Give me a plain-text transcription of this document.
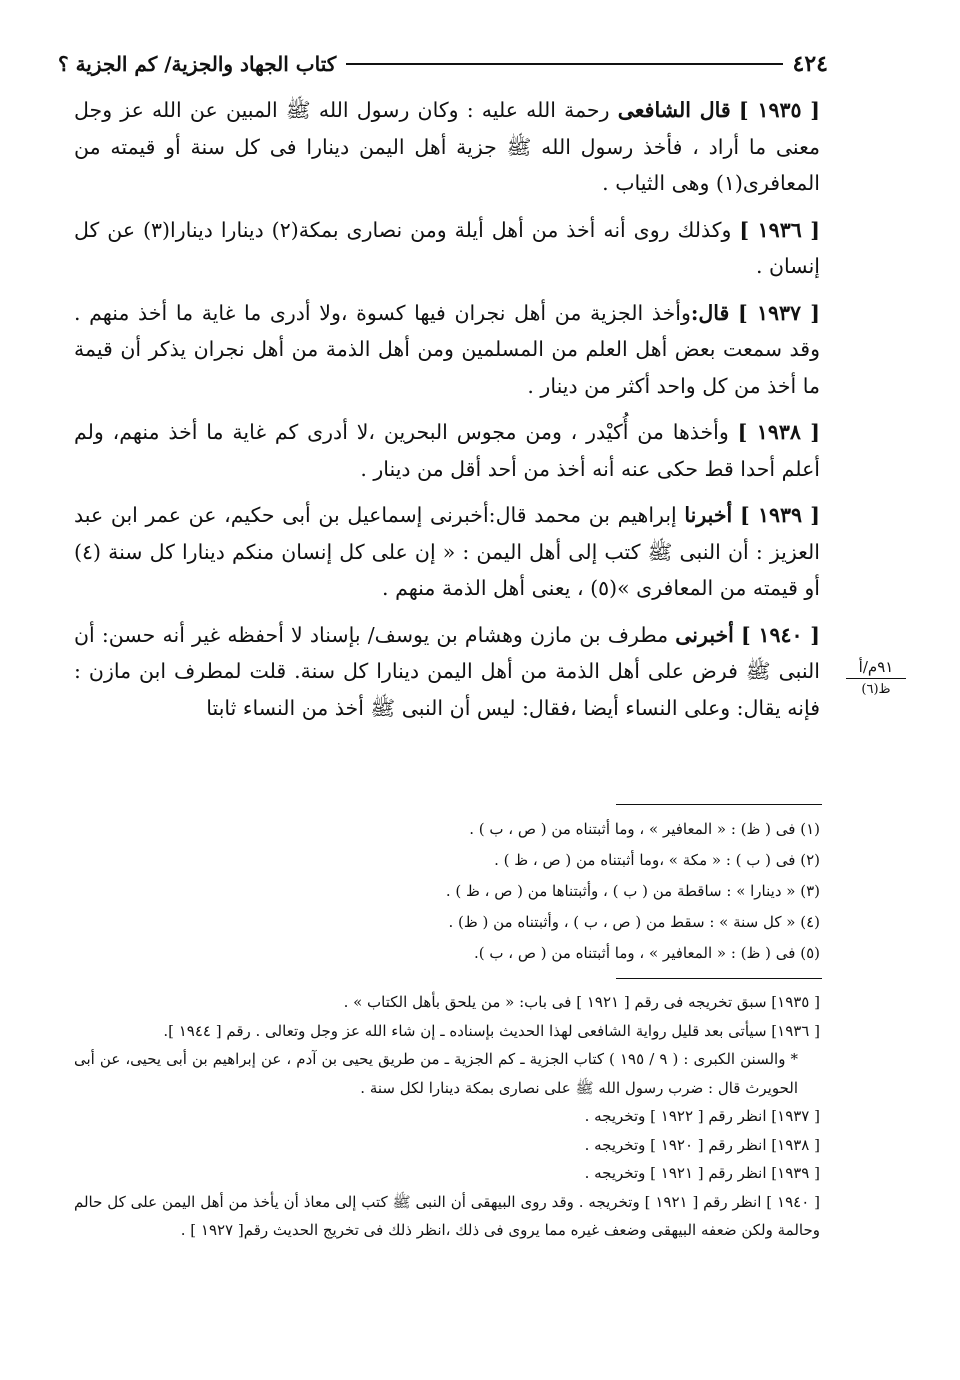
٤٢٤
كتاب الجهاد والجزية/ كم الجزية ؟

[ ١٩٣٥ ] قال الشافعى رحمة الله عليه : وكان رسول الله ﷺ المبين عن الله عز وجل معنى ما أراد ، فأخذ رسول الله ﷺ جزية أهل اليمن دينارا فى كل سنة أو قيمته من المعافرى(١) وهى الثياب .

[ ١٩٣٦ ] وكذلك روى أنه أخذ من أهل أيلة ومن نصارى بمكة(٢) دينارا دينارا(٣) عن كل إنسان .

[ ١٩٣٧ ] قال:وأخذ الجزية من أهل نجران فيها كسوة ،ولا أدرى ما غاية ما أخذ منهم . وقد سمعت بعض أهل العلم من المسلمين ومن أهل الذمة من أهل نجران يذكر أن قيمة ما أخذ من كل واحد أكثر من دينار .

[ ١٩٣٨ ] وأخذها من أُكيْدر ، ومن مجوس البحرين ،لا أدرى كم غاية ما أخذ منهم، ولم أعلم أحدا قط حكى عنه أنه أخذ من أحد أقل من دينار .

[ ١٩٣٩ ] أخبرنا إبراهيم بن محمد قال:أخبرنى إسماعيل بن أبى حكيم، عن عمر ابن عبد العزيز : أن النبى ﷺ كتب إلى أهل اليمن : « إن على كل إنسان منكم دينارا كل سنة (٤) أو قيمته من المعافرى »(٥) ، يعنى أهل الذمة منهم .

[ ١٩٤٠ ] أخبرنى مطرف بن مازن وهشام بن يوسف/ بإسناد لا أحفظه غير أنه حسن: أن النبى ﷺ فرض على أهل الذمة من أهل اليمن دينارا كل سنة. قلت لمطرف ابن مازن : فإنه يقال: وعلى النساء أيضا ،فقال: ليس أن النبى ﷺ أخذ من النساء ثابتا

٩١م/أ
ظ(٦)
(١) فى ( ظ) : « المعافير » ، وما أثبتناه من ( ص ، ب ) .
(٢) فى ( ب ) : « مكة » ،وما أثبتناه من ( ص ، ظ ) .
(٣) « دينارا » : ساقطة من ( ب ) ، وأثبتناها من ( ص ، ظ ) .
(٤) « كل سنة » : سقط من ( ص ، ب ) ، وأثبتناه من ( ظ) .
(٥) فى ( ظ) : « المعافير » ، وما أثبتناه من ( ص ، ب ).

[ ١٩٣٥] سبق تخريجه فى رقم [ ١٩٢١ ] فى باب: « من يلحق بأهل الكتاب » .

[ ١٩٣٦] سيأتى بعد قليل رواية الشافعى لهذا الحديث بإسناده ـ إن شاء الله عز وجل وتعالى . رقم [ ١٩٤٤ ].

* والسنن الكبرى : ( ٩ / ١٩٥ ) كتاب الجزية ـ كم الجزية ـ من طريق يحيى بن آدم ، عن إبراهيم بن أبى يحيى، عن أبى الحويرث قال : ضرب رسول الله ﷺ على نصارى بمكة دينارا لكل سنة .

[ ١٩٣٧] انظر رقم [ ١٩٢٢ ] وتخريجه .

[ ١٩٣٨] انظر رقم [ ١٩٢٠ ] وتخريجه .

[ ١٩٣٩] انظر رقم [ ١٩٢١ ] وتخريجه .

[ ١٩٤٠ ] انظر رقم [ ١٩٢١ ] وتخريجه . وقد روى البيهقى أن النبى ﷺ كتب إلى معاذ أن يأخذ من أهل اليمن على كل حالم وحالمة ولكن ضعفه البيهقى وضعف غيره مما يروى فى ذلك ،انظر ذلك فى تخريج الحديث رقم[ ١٩٢٧ ] .
